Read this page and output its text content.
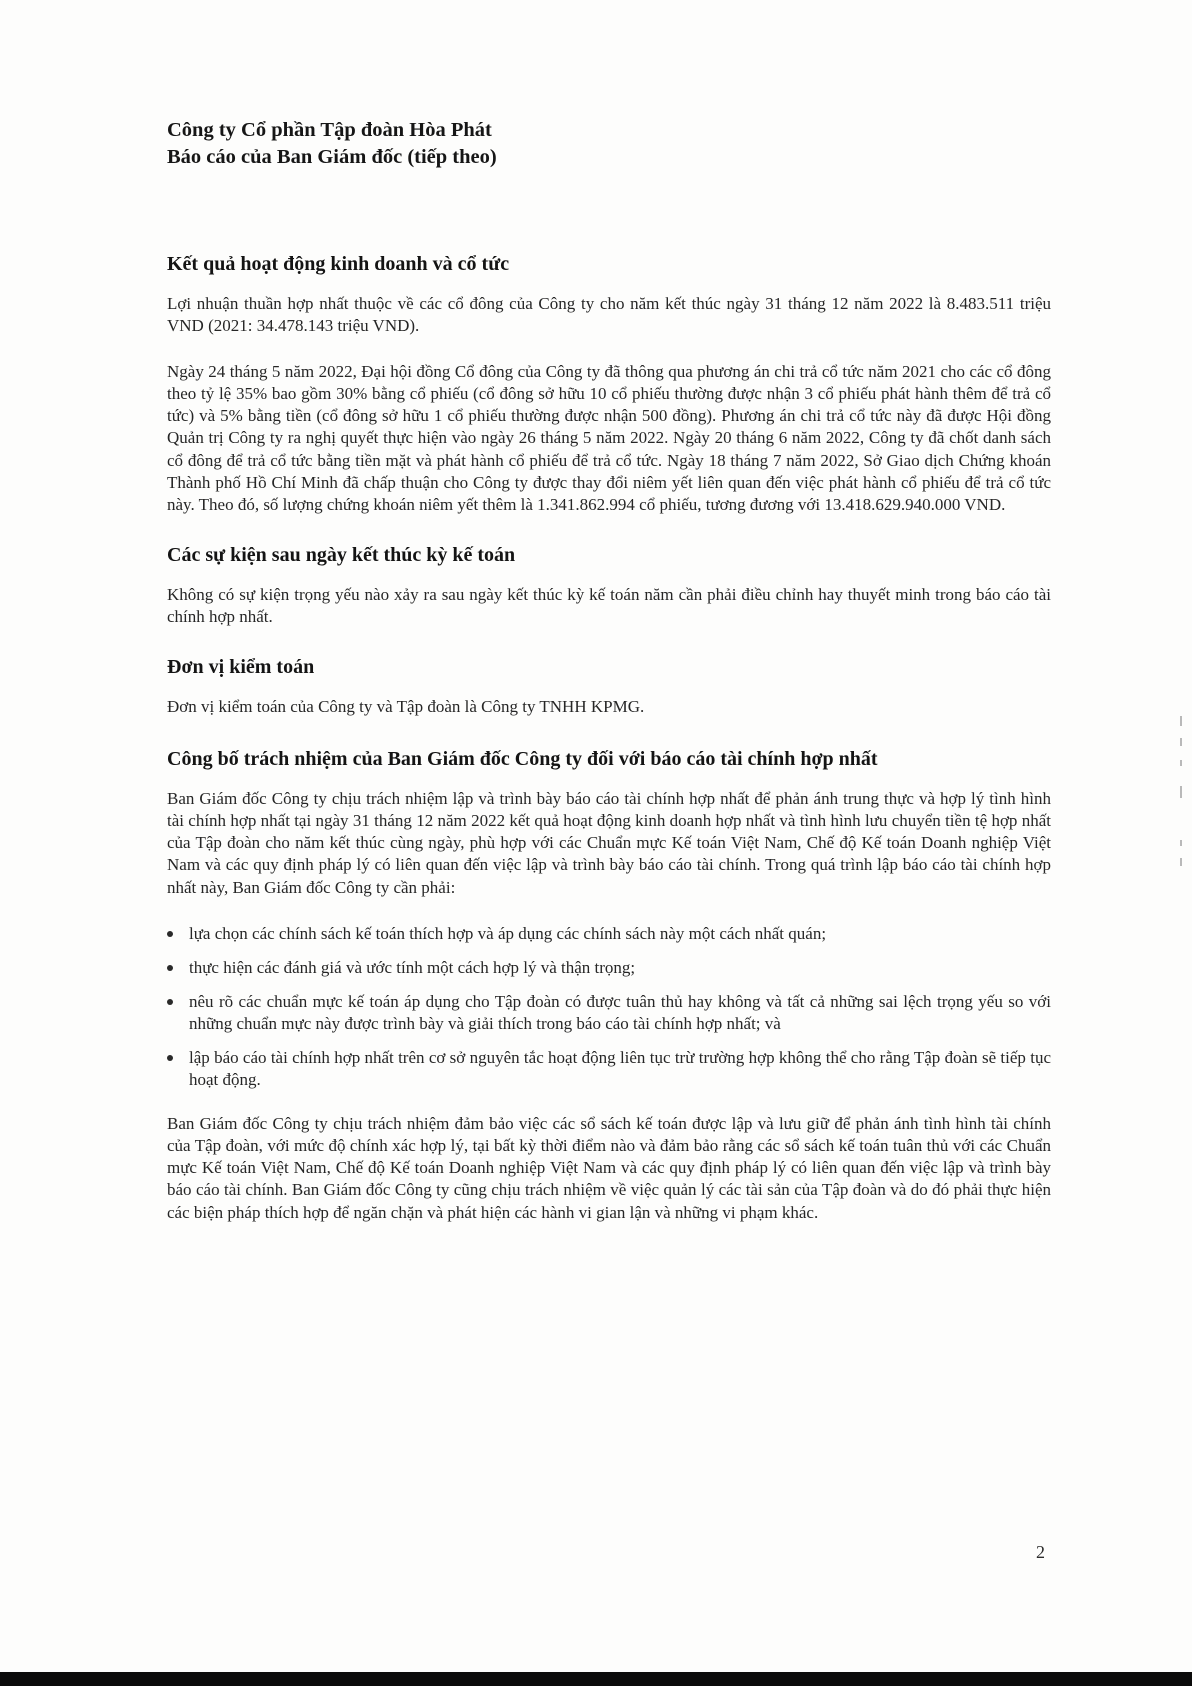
Công ty Cổ phần Tập đoàn Hòa Phát
Báo cáo của Ban Giám đốc (tiếp theo)
Kết quả hoạt động kinh doanh và cổ tức

Lợi nhuận thuần hợp nhất thuộc về các cổ đông của Công ty cho năm kết thúc ngày 31 tháng 12 năm 2022 là 8.483.511 triệu VND (2021: 34.478.143 triệu VND).

Ngày 24 tháng 5 năm 2022, Đại hội đồng Cổ đông của Công ty đã thông qua phương án chi trả cổ tức năm 2021 cho các cổ đông theo tỷ lệ 35% bao gồm 30% bằng cổ phiếu (cổ đông sở hữu 10 cổ phiếu thường được nhận 3 cổ phiếu phát hành thêm để trả cổ tức) và 5% bằng tiền (cổ đông sở hữu 1 cổ phiếu thường được nhận 500 đồng). Phương án chi trả cổ tức này đã được Hội đồng Quản trị Công ty ra nghị quyết thực hiện vào ngày 26 tháng 5 năm 2022. Ngày 20 tháng 6 năm 2022, Công ty đã chốt danh sách cổ đông để trả cổ tức bằng tiền mặt và phát hành cổ phiếu để trả cổ tức. Ngày 18 tháng 7 năm 2022, Sở Giao dịch Chứng khoán Thành phố Hồ Chí Minh đã chấp thuận cho Công ty được thay đổi niêm yết liên quan đến việc phát hành cổ phiếu để trả cổ tức này. Theo đó, số lượng chứng khoán niêm yết thêm là 1.341.862.994 cổ phiếu, tương đương với 13.418.629.940.000 VND.

Các sự kiện sau ngày kết thúc kỳ kế toán

Không có sự kiện trọng yếu nào xảy ra sau ngày kết thúc kỳ kế toán năm cần phải điều chỉnh hay thuyết minh trong báo cáo tài chính hợp nhất.

Đơn vị kiểm toán

Đơn vị kiểm toán của Công ty và Tập đoàn là Công ty TNHH KPMG.

Công bố trách nhiệm của Ban Giám đốc Công ty đối với báo cáo tài chính hợp nhất

Ban Giám đốc Công ty chịu trách nhiệm lập và trình bày báo cáo tài chính hợp nhất để phản ánh trung thực và hợp lý tình hình tài chính hợp nhất tại ngày 31 tháng 12 năm 2022 kết quả hoạt động kinh doanh hợp nhất và tình hình lưu chuyển tiền tệ hợp nhất của Tập đoàn cho năm kết thúc cùng ngày, phù hợp với các Chuẩn mực Kế toán Việt Nam, Chế độ Kế toán Doanh nghiệp Việt Nam và các quy định pháp lý có liên quan đến việc lập và trình bày báo cáo tài chính. Trong quá trình lập báo cáo tài chính hợp nhất này, Ban Giám đốc Công ty cần phải:

lựa chọn các chính sách kế toán thích hợp và áp dụng các chính sách này một cách nhất quán;
thực hiện các đánh giá và ước tính một cách hợp lý và thận trọng;
nêu rõ các chuẩn mực kế toán áp dụng cho Tập đoàn có được tuân thủ hay không và tất cả những sai lệch trọng yếu so với những chuẩn mực này được trình bày và giải thích trong báo cáo tài chính hợp nhất; và
lập báo cáo tài chính hợp nhất trên cơ sở nguyên tắc hoạt động liên tục trừ trường hợp không thể cho rằng Tập đoàn sẽ tiếp tục hoạt động.

Ban Giám đốc Công ty chịu trách nhiệm đảm bảo việc các sổ sách kế toán được lập và lưu giữ để phản ánh tình hình tài chính của Tập đoàn, với mức độ chính xác hợp lý, tại bất kỳ thời điểm nào và đảm bảo rằng các sổ sách kế toán tuân thủ với các Chuẩn mực Kế toán Việt Nam, Chế độ Kế toán Doanh nghiệp Việt Nam và các quy định pháp lý có liên quan đến việc lập và trình bày báo cáo tài chính. Ban Giám đốc Công ty cũng chịu trách nhiệm về việc quản lý các tài sản của Tập đoàn và do đó phải thực hiện các biện pháp thích hợp để ngăn chặn và phát hiện các hành vi gian lận và những vi phạm khác.

2
